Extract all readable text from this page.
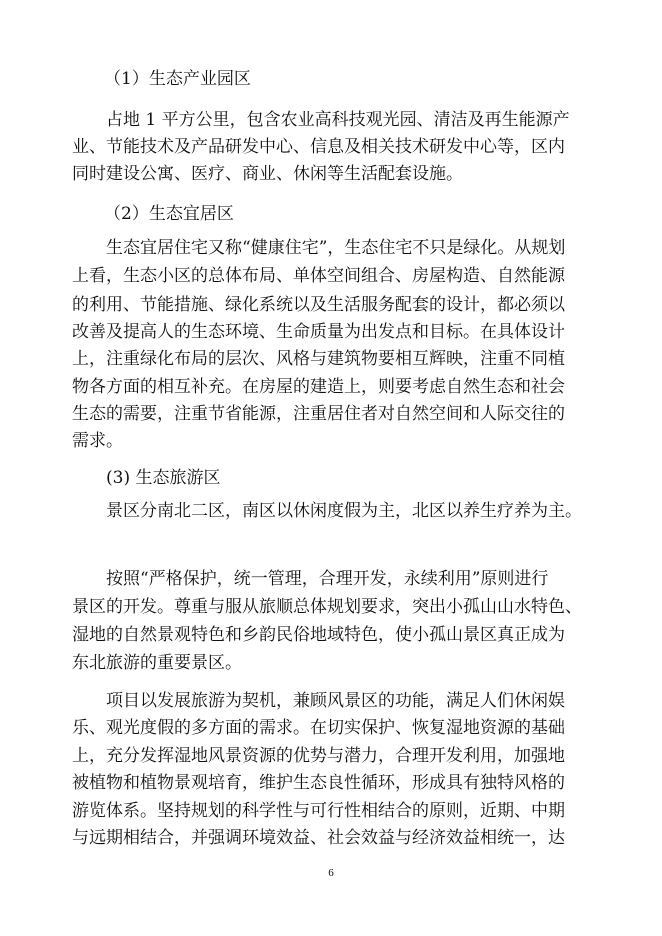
（1）生态产业园区
占地 1 平方公里，包含农业高科技观光园、清洁及再生能源产
业、节能技术及产品研发中心、信息及相关技术研发中心等，区内
同时建设公寓、医疗、商业、休闲等生活配套设施。
（2）生态宜居区
生态宜居住宅又称“健康住宅”，生态住宅不只是绿化。从规划
上看，生态小区的总体布局、单体空间组合、房屋构造、自然能源
的利用、节能措施、绿化系统以及生活服务配套的设计，都必须以
改善及提高人的生态环境、生命质量为出发点和目标。在具体设计
上，注重绿化布局的层次、风格与建筑物要相互辉映，注重不同植
物各方面的相互补充。在房屋的建造上，则要考虑自然生态和社会
生态的需要，注重节省能源，注重居住者对自然空间和人际交往的
需求。
(3) 生态旅游区
景区分南北二区，南区以休闲度假为主，北区以养生疗养为主。
按照“严格保护，统一管理，合理开发，永续利用”原则进行
景区的开发。尊重与服从旅顺总体规划要求，突出小孤山山水特色、
湿地的自然景观特色和乡韵民俗地域特色，使小孤山景区真正成为
东北旅游的重要景区。
项目以发展旅游为契机，兼顾风景区的功能，满足人们休闲娱
乐、观光度假的多方面的需求。在切实保护、恢复湿地资源的基础
上，充分发挥湿地风景资源的优势与潜力，合理开发利用，加强地
被植物和植物景观培育，维护生态良性循环，形成具有独特风格的
游览体系。坚持规划的科学性与可行性相结合的原则，近期、中期
与远期相结合，并强调环境效益、社会效益与经济效益相统一，达
6
